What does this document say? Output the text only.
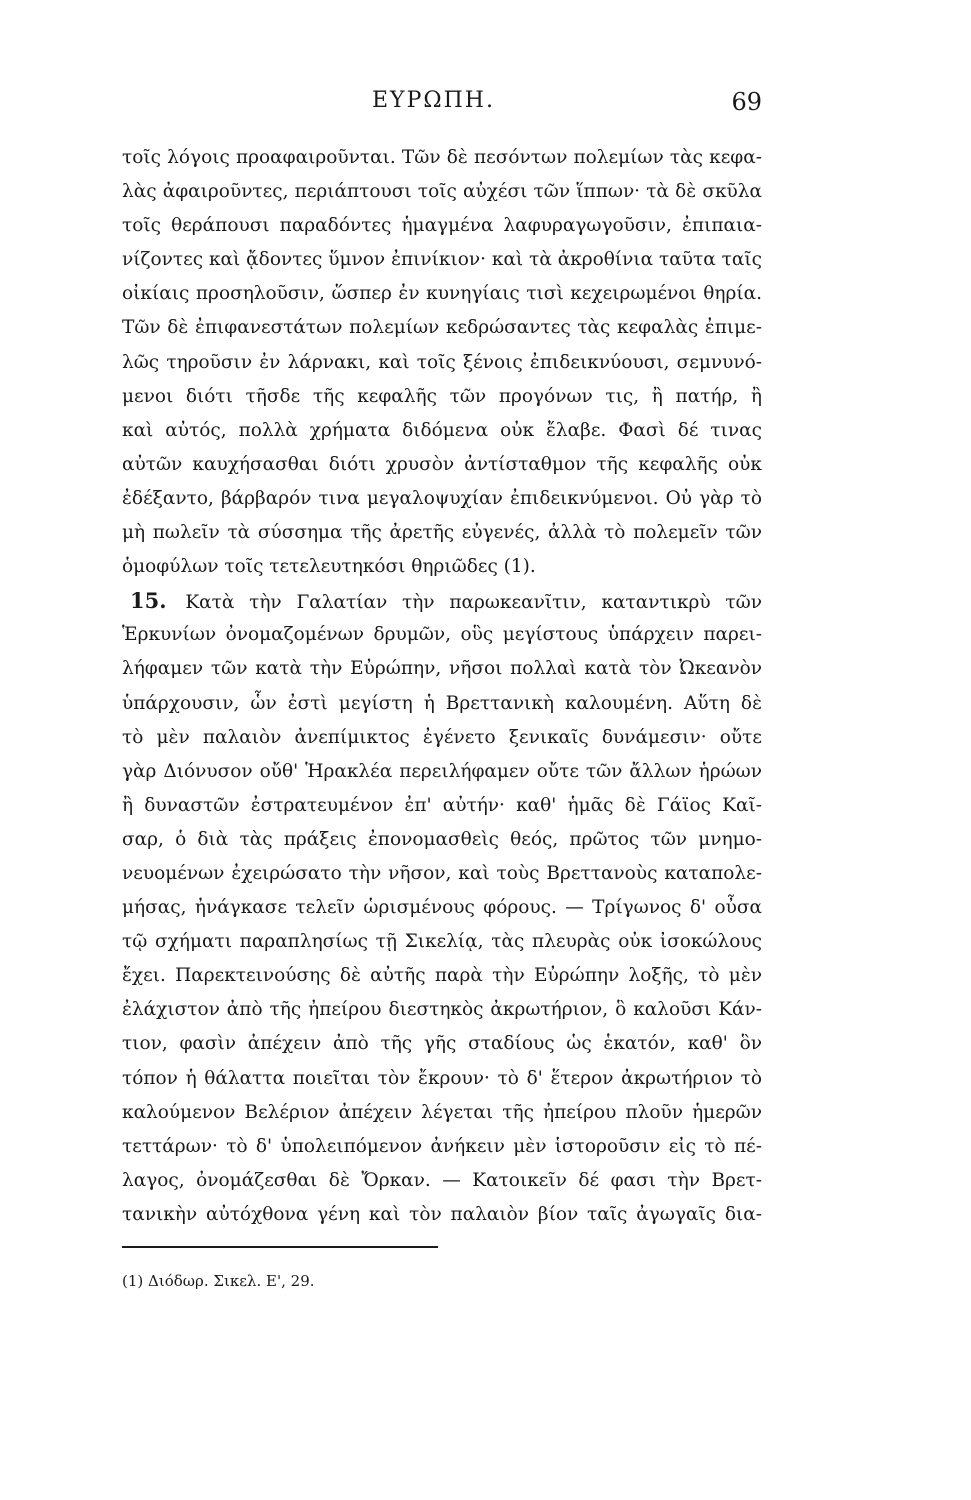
ΕΥΡΩΠΗ.	69
τοῖς λόγοις προαφαιροῦνται. Τῶν δὲ πεσόντων πολεμίων τὰς κεφα-
λὰς ἀφαιροῦντες, περιάπτουσι τοῖς αὐχέσι τῶν ἵππων· τὰ δὲ σκῦλα
τοῖς θεράπουσι παραδόντες ἡμαγμένα λαφυραγωγοῦσιν, ἐπιπαια-
νίζοντες καὶ ᾄδοντες ὕμνον ἐπινίκιον· καὶ τὰ ἀκροθίνια ταῦτα ταῖς
οἰκίαις προσηλοῦσιν, ὥσπερ ἐν κυνηγίαις τισὶ κεχειρωμένοι θηρία.
Τῶν δὲ ἐπιφανεστάτων πολεμίων κεδρώσαντες τὰς κεφαλὰς ἐπιμε-
λῶς τηροῦσιν ἐν λάρνακι, καὶ τοῖς ξένοις ἐπιδεικνύουσι, σεμνυνό-
μενοι διότι τῆσδε τῆς κεφαλῆς τῶν προγόνων τις, ἢ πατήρ, ἢ
καὶ αὐτός, πολλὰ χρήματα διδόμενα οὐκ ἔλαβε. Φασὶ δέ τινας
αὐτῶν καυχήσασθαι διότι χρυσὸν ἀντίσταθμον τῆς κεφαλῆς οὐκ
ἐδέξαντο, βάρβαρόν τινα μεγαλοψυχίαν ἐπιδεικνύμενοι. Οὐ γὰρ τὸ
μὴ πωλεῖν τὰ σύσσημα τῆς ἀρετῆς εὐγενές, ἀλλὰ τὸ πολεμεῖν τῶν
ὁμοφύλων τοῖς τετελευτηκόσι θηριῶδες (1).
15. Κατὰ τὴν Γαλατίαν τὴν παρωκεανῖτιν, καταντικρὺ τῶν
Ἑρκυνίων ὀνομαζομένων δρυμῶν, οὓς μεγίστους ὑπάρχειν παρει-
λήφαμεν τῶν κατὰ τὴν Εὐρώπην, νῆσοι πολλαὶ κατὰ τὸν Ὠκεανὸν
ὑπάρχουσιν, ὧν ἐστὶ μεγίστη ἡ Βρεττανικὴ καλουμένη. Αὕτη δὲ
τὸ μὲν παλαιὸν ἀνεπίμικτος ἐγένετο ξενικαῖς δυνάμεσιν· οὔτε
γὰρ Διόνυσον οὔθ' Ἡρακλέα περειλήφαμεν οὔτε τῶν ἄλλων ἡρώων
ἢ δυναστῶν ἐστρατευμένον ἐπ' αὐτήν· καθ' ἡμᾶς δὲ Γάϊος Καῖ-
σαρ, ὁ διὰ τὰς πράξεις ἐπονομασθεὶς θεός, πρῶτος τῶν μνημο-
νευομένων ἐχειρώσατο τὴν νῆσον, καὶ τοὺς Βρεττανοὺς καταπολε-
μήσας, ἠνάγκασε τελεῖν ὡρισμένους φόρους. — Τρίγωνος δ' οὖσα
τῷ σχήματι παραπλησίως τῇ Σικελίᾳ, τὰς πλευρὰς οὐκ ἰσοκώλους
ἔχει. Παρεκτεινούσης δὲ αὐτῆς παρὰ τὴν Εὐρώπην λοξῆς, τὸ μὲν
ἐλάχιστον ἀπὸ τῆς ἠπείρου διεστηκὸς ἀκρωτήριον, ὃ καλοῦσι Κάν-
τιον, φασὶν ἀπέχειν ἀπὸ τῆς γῆς σταδίους ὡς ἑκατόν, καθ' ὃν
τόπον ἡ θάλαττα ποιεῖται τὸν ἔκρουν· τὸ δ' ἕτερον ἀκρωτήριον τὸ
καλούμενον Βελέριον ἀπέχειν λέγεται τῆς ἠπείρου πλοῦν ἡμερῶν
τεττάρων· τὸ δ' ὑπολειπόμενον ἀνήκειν μὲν ἱστοροῦσιν εἰς τὸ πέ-
λαγος, ὀνομάζεσθαι δὲ Ὄρκαν. — Κατοικεῖν δέ φασι τὴν Βρετ-
τανικὴν αὐτόχθονα γένη καὶ τὸν παλαιὸν βίον ταῖς ἀγωγαῖς δια-
(1) Διόδωρ. Σικελ. Ε', 29.
